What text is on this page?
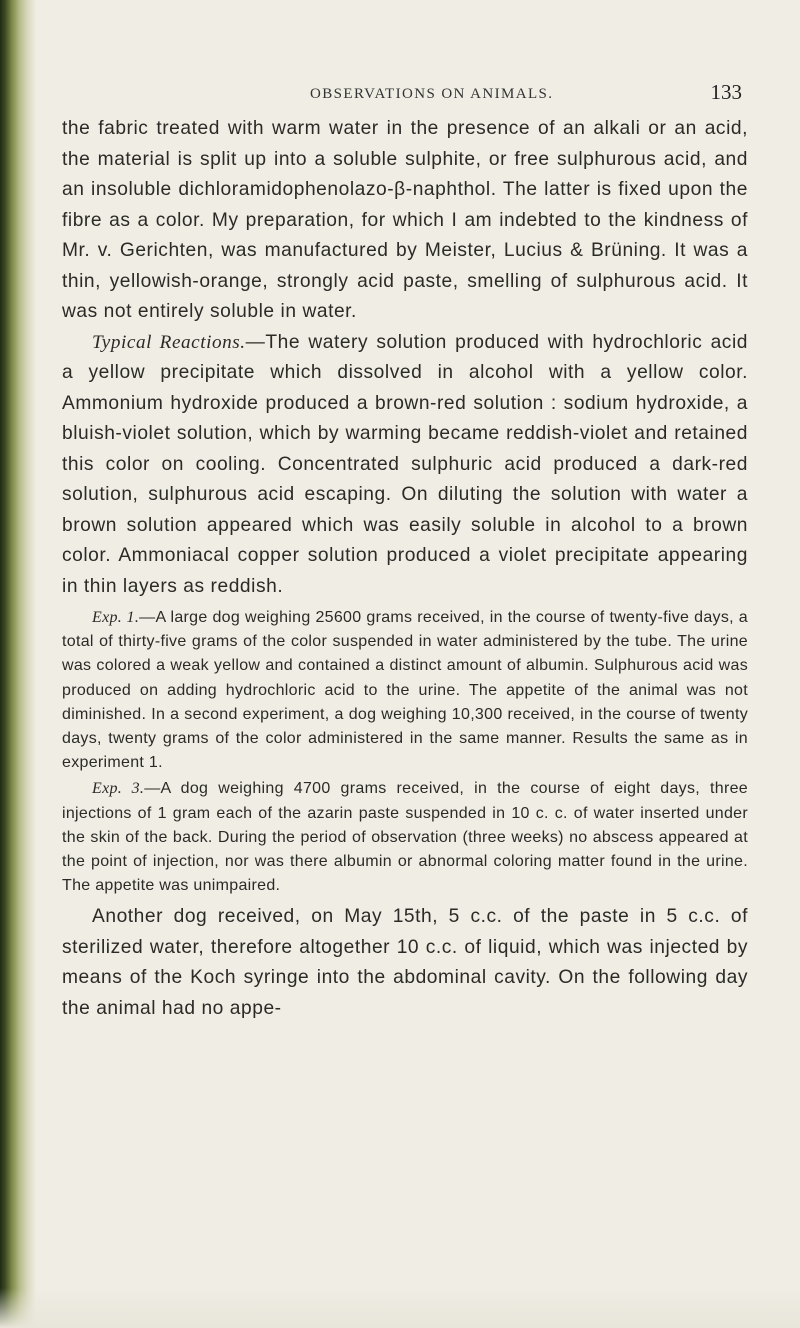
OBSERVATIONS ON ANIMALS.	133

the fabric treated with warm water in the presence of an alkali or an acid, the material is split up into a soluble sulphite, or free sulphurous acid, and an insoluble dichloramidophenolazo-β-naphthol. The latter is fixed upon the fibre as a color. My preparation, for which I am indebted to the kindness of Mr. v. Gerichten, was manufactured by Meister, Lucius & Brüning. It was a thin, yellowish-orange, strongly acid paste, smelling of sulphurous acid. It was not entirely soluble in water.

Typical Reactions.—The watery solution produced with hydrochloric acid a yellow precipitate which dissolved in alcohol with a yellow color. Ammonium hydroxide produced a brown-red solution : sodium hydroxide, a bluish-violet solution, which by warming became reddish-violet and retained this color on cooling. Concentrated sulphuric acid produced a dark-red solution, sulphurous acid escaping. On diluting the solution with water a brown solution appeared which was easily soluble in alcohol to a brown color. Ammoniacal copper solution produced a violet precipitate appearing in thin layers as reddish.

Exp. 1.—A large dog weighing 25600 grams received, in the course of twenty-five days, a total of thirty-five grams of the color suspended in water administered by the tube. The urine was colored a weak yellow and contained a distinct amount of albumin. Sulphurous acid was produced on adding hydrochloric acid to the urine. The appetite of the animal was not diminished. In a second experiment, a dog weighing 10,300 received, in the course of twenty days, twenty grams of the color administered in the same manner. Results the same as in experiment 1.

Exp. 3.—A dog weighing 4700 grams received, in the course of eight days, three injections of 1 gram each of the azarin paste suspended in 10 c. c. of water inserted under the skin of the back. During the period of observation (three weeks) no abscess appeared at the point of injection, nor was there albumin or abnormal coloring matter found in the urine. The appetite was unimpaired.

Another dog received, on May 15th, 5 c.c. of the paste in 5 c.c. of sterilized water, therefore altogether 10 c.c. of liquid, which was injected by means of the Koch syringe into the abdominal cavity. On the following day the animal had no appe-
